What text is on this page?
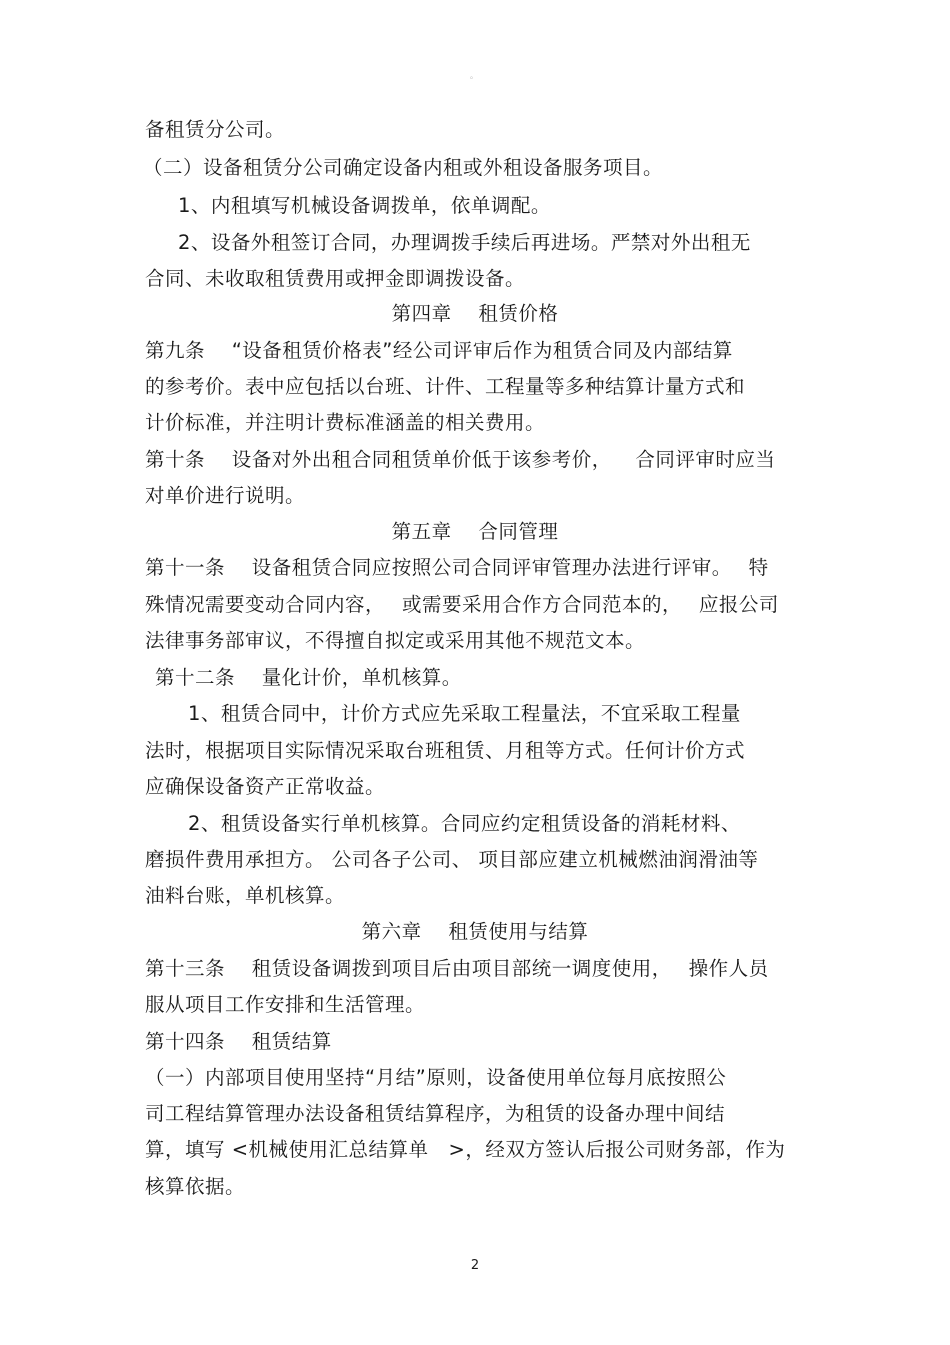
。
备租赁分公司。
（二）设备租赁分公司确定设备内租或外租设备服务项目。
1、内租填写机械设备调拨单，依单调配。
2、设备外租签订合同，办理调拨手续后再进场。严禁对外出租无
合同、未收取租赁费用或押金即调拨设备。
第四章　 租赁价格
第九条　 “设备租赁价格表”经公司评审后作为租赁合同及内部结算
的参考价。表中应包括以台班、计件、工程量等多种结算计量方式和
计价标准，并注明计费标准涵盖的相关费用。
第十条　 设备对外出租合同租赁单价低于该参考价，　  合同评审时应当
对单价进行说明。
第五章　 合同管理
第十一条　 设备租赁合同应按照公司合同评审管理办法进行评审。　 特
殊情况需要变动合同内容，　 或需要采用合作方合同范本的，　 应报公司
法律事务部审议，不得擅自拟定或采用其他不规范文本。
第十二条　 量化计价，单机核算。
1、租赁合同中，计价方式应先采取工程量法，不宜采取工程量
法时，根据项目实际情况采取台班租赁、月租等方式。任何计价方式
应确保设备资产正常收益。
2、租赁设备实行单机核算。合同应约定租赁设备的消耗材料、
磨损件费用承担方。 公司各子公司、 项目部应建立机械燃油润滑油等
油料台账，单机核算。
第六章　 租赁使用与结算
第十三条　 租赁设备调拨到项目后由项目部统一调度使用，　 操作人员
服从项目工作安排和生活管理。
第十四条　 租赁结算
（一）内部项目使用坚持“月结”原则，设备使用单位每月底按照公
司工程结算管理办法设备租赁结算程序，为租赁的设备办理中间结
算，填写 <机械使用汇总结算单　>，经双方签认后报公司财务部，作为
核算依据。
2
